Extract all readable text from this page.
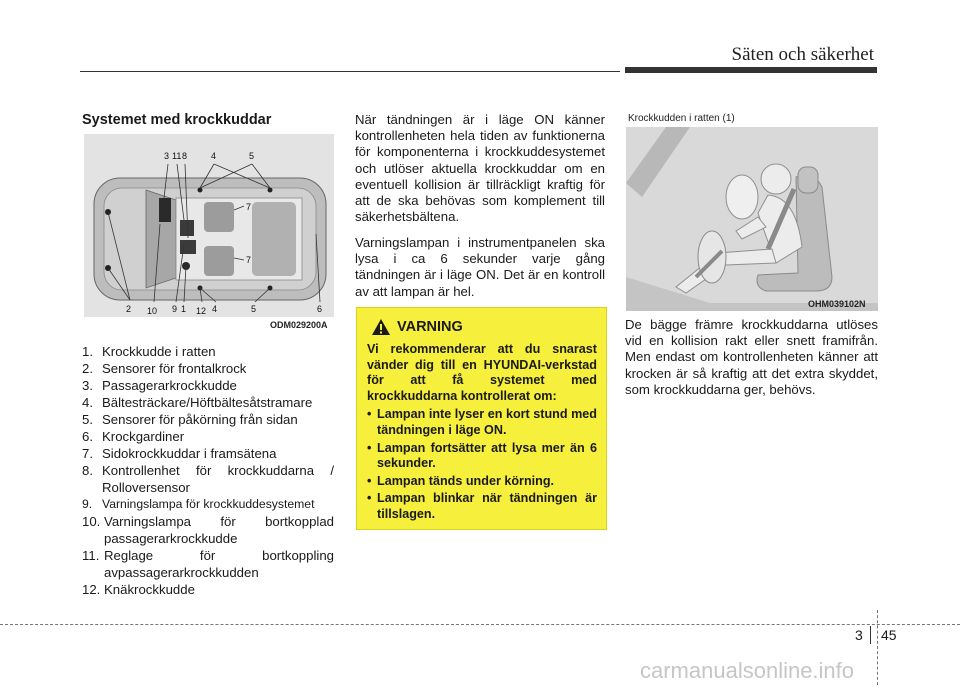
Säten och säkerhet
Systemet med krockkuddar
3 11 8	4	5
7
7
2 10 9 1 12 4	5	6
ODM029200A
1. Krockkudde i ratten
2. Sensorer för frontalkrock
3. Passagerarkrockkudde
4. Bältesträckare/Höftbältesåtstramare
5. Sensorer för påkörning från sidan
6. Krockgardiner
7. Sidokrockkuddar i framsätena
8. Kontrollenhet för krockkuddarna / Rolloversensor
9. Varningslampa för krockkuddesystemet
10. Varningslampa för bortkopplad passagerarkrockkudde
11. Reglage för bortkoppling avpassagerarkrockkudden
12. Knäkrockkudde

När tändningen är i läge ON känner kontrollenheten hela tiden av funktionerna för komponenterna i krockkuddesystemet och utlöser aktuella krockkuddar om en eventuell kollision är tillräckligt kraftig för att de ska behövas som komplement till säkerhetsbältena.

Varningslampan i instrumentpanelen ska lysa i ca 6 sekunder varje gång tändningen är i läge ON. Det är en kontroll av att lampan är hel.

VARNING

Vi rekommenderar att du snarast vänder dig till en HYUNDAI-verkstad för att få systemet med krockkuddarna kontrollerat om:

• Lampan inte lyser en kort stund med tändningen i läge ON.
• Lampan fortsätter att lysa mer än 6 sekunder.
• Lampan tänds under körning.
• Lampan blinkar när tändningen är tillslagen.
Krockkudden i ratten (1)
OHM039102N

De bägge främre krockkuddarna utlöses vid en kollision rakt eller snett framifrån. Men endast om kontrollenheten känner att krocken är så kraftig att det extra skyddet, som krockkuddarna ger, behövs.

3 45
carmanualsonline.info
